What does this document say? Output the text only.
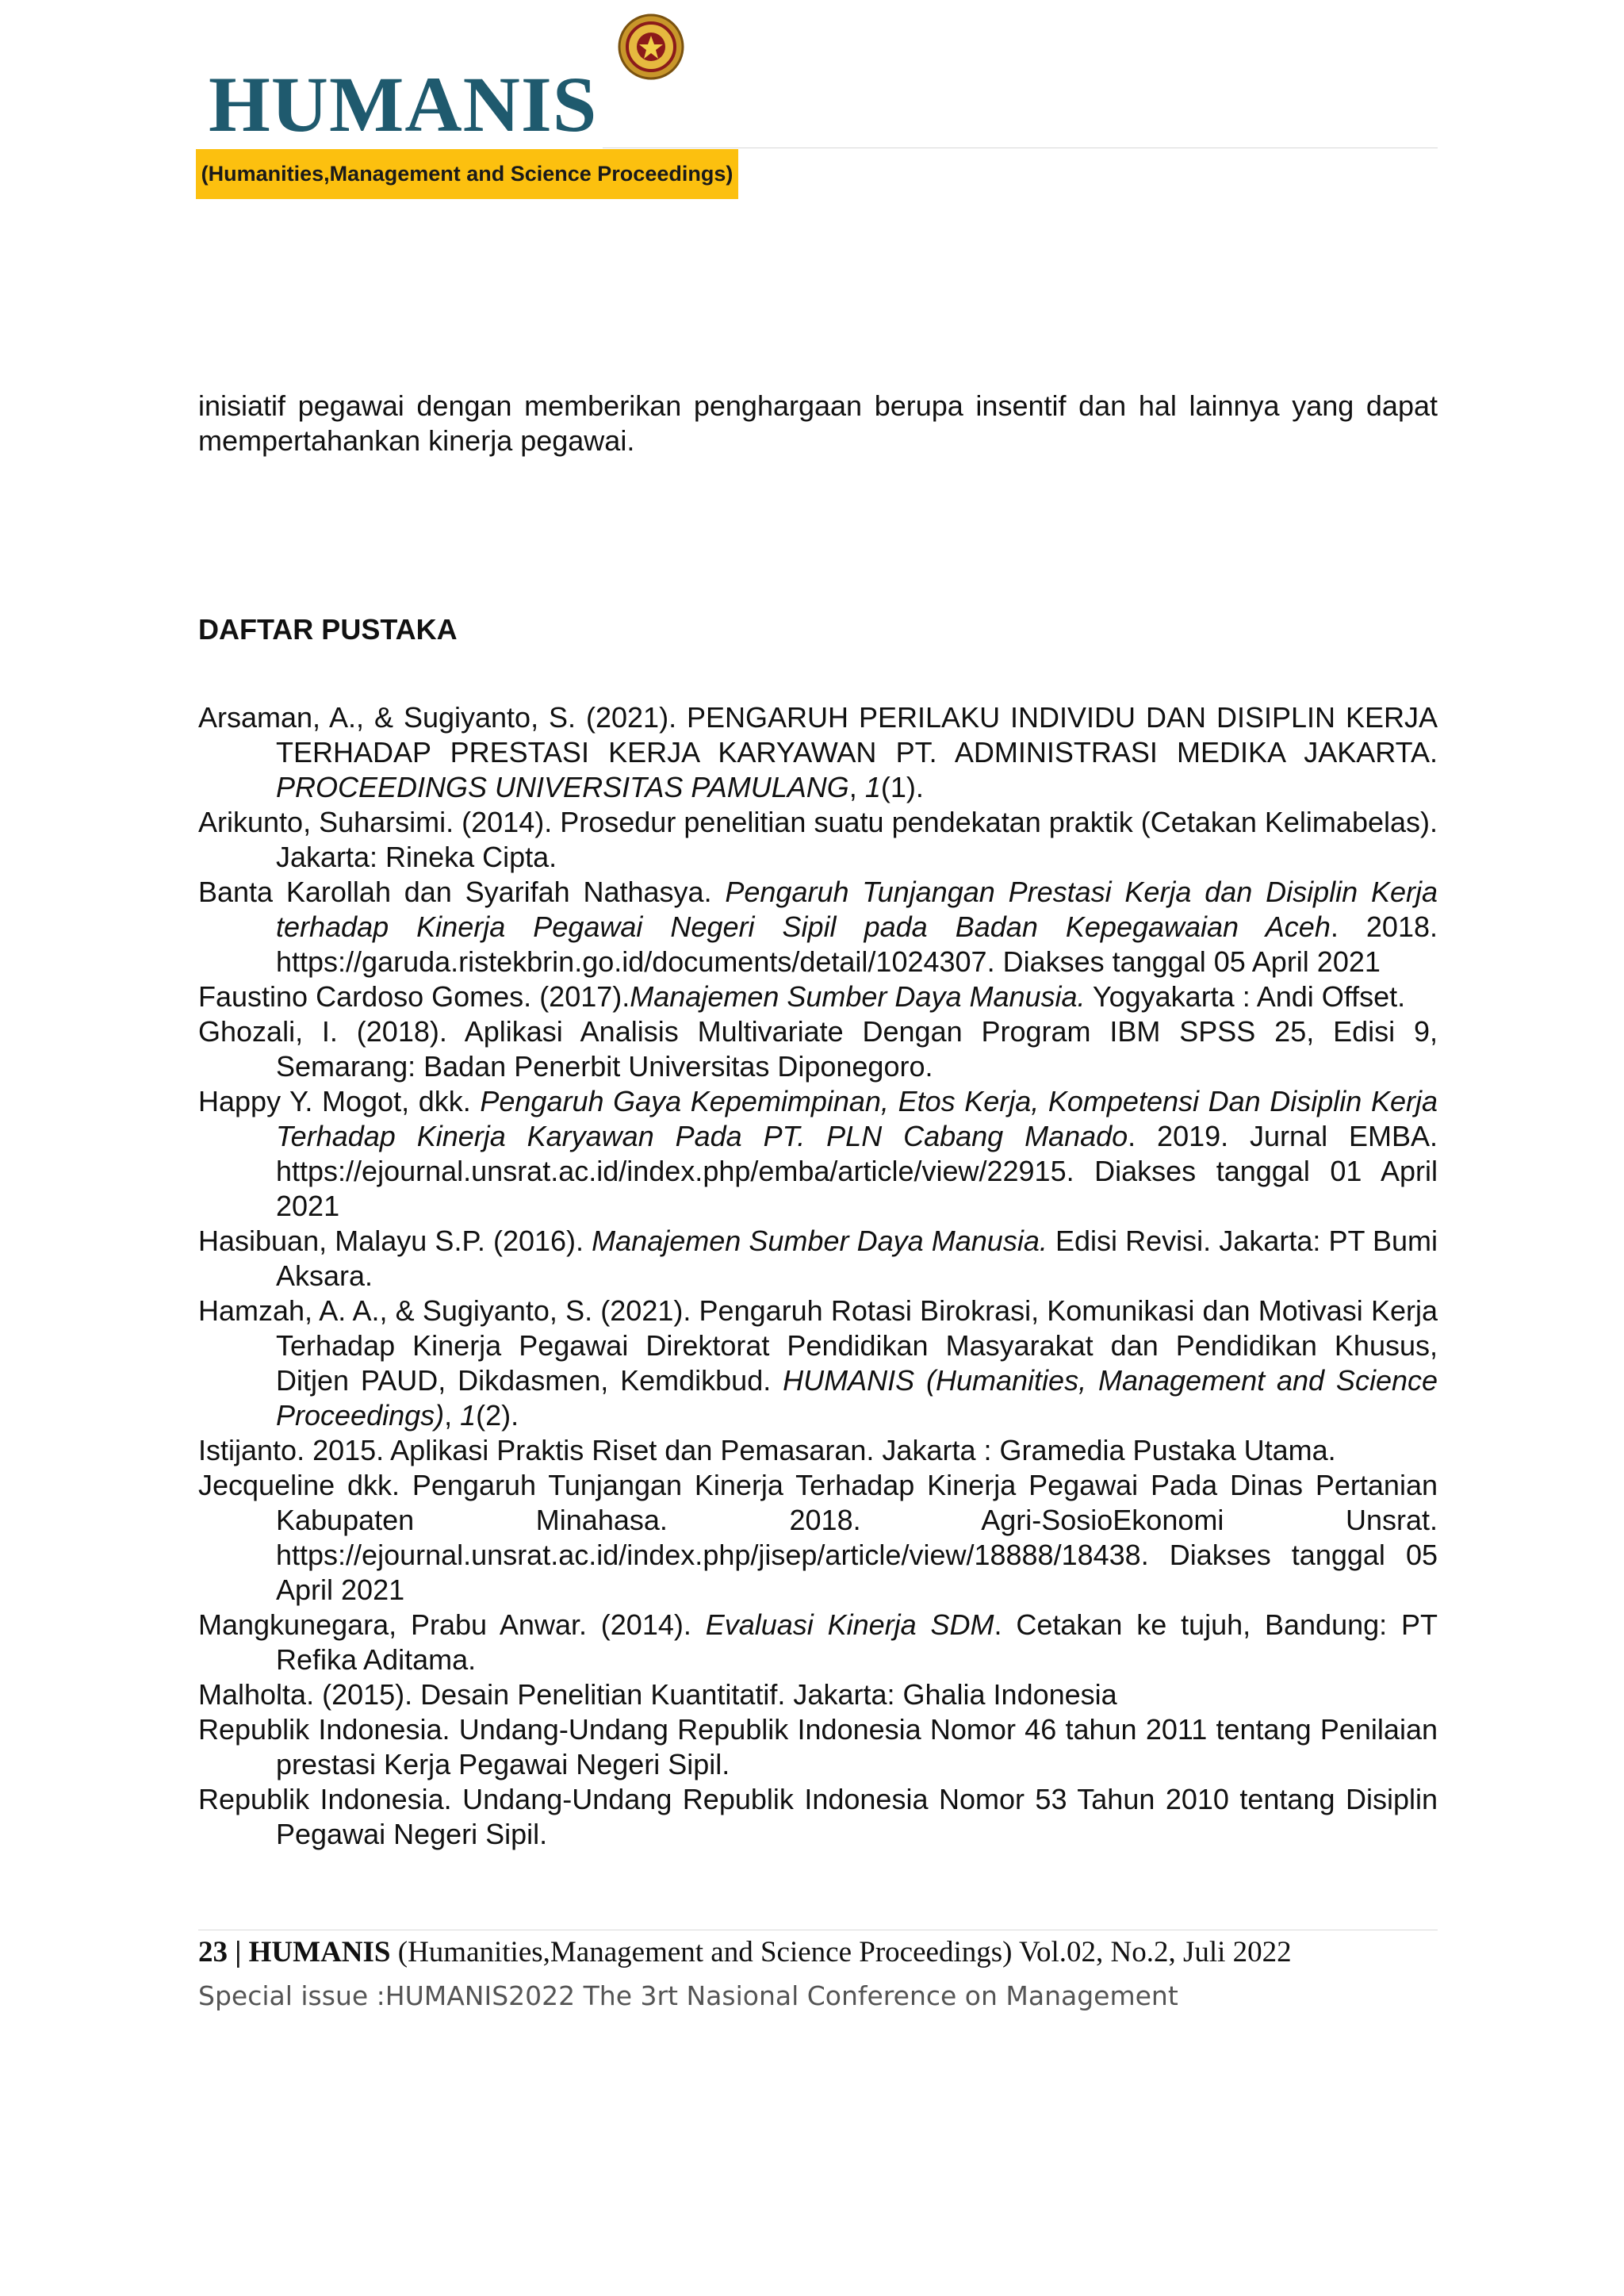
HUMANIS
(Humanities,Management and Science Proceedings)

inisiatif pegawai dengan memberikan penghargaan berupa insentif dan hal lainnya yang dapat mempertahankan kinerja pegawai.

DAFTAR PUSTAKA

Arsaman, A., & Sugiyanto, S. (2021). PENGARUH PERILAKU INDIVIDU DAN DISIPLIN KERJA TERHADAP PRESTASI KERJA KARYAWAN PT. ADMINISTRASI MEDIKA JAKARTA. PROCEEDINGS UNIVERSITAS PAMULANG, 1(1).

Arikunto, Suharsimi. (2014). Prosedur penelitian suatu pendekatan praktik (Cetakan Kelimabelas). Jakarta: Rineka Cipta.

Banta Karollah dan Syarifah Nathasya. Pengaruh Tunjangan Prestasi Kerja dan Disiplin Kerja terhadap Kinerja Pegawai Negeri Sipil pada Badan Kepegawaian Aceh. 2018. https://garuda.ristekbrin.go.id/documents/detail/1024307. Diakses tanggal 05 April 2021

Faustino Cardoso Gomes. (2017).Manajemen Sumber Daya Manusia. Yogyakarta : Andi Offset.

Ghozali, I. (2018). Aplikasi Analisis Multivariate Dengan Program IBM SPSS 25, Edisi 9, Semarang: Badan Penerbit Universitas Diponegoro.

Happy Y. Mogot, dkk. Pengaruh Gaya Kepemimpinan, Etos Kerja, Kompetensi Dan Disiplin Kerja Terhadap Kinerja Karyawan Pada PT. PLN Cabang Manado. 2019. Jurnal EMBA. https://ejournal.unsrat.ac.id/index.php/emba/article/view/22915. Diakses tanggal 01 April 2021

Hasibuan, Malayu S.P. (2016). Manajemen Sumber Daya Manusia. Edisi Revisi. Jakarta: PT Bumi Aksara.

Hamzah, A. A., & Sugiyanto, S. (2021). Pengaruh Rotasi Birokrasi, Komunikasi dan Motivasi Kerja Terhadap Kinerja Pegawai Direktorat Pendidikan Masyarakat dan Pendidikan Khusus, Ditjen PAUD, Dikdasmen, Kemdikbud. HUMANIS (Humanities, Management and Science Proceedings), 1(2).

Istijanto. 2015. Aplikasi Praktis Riset dan Pemasaran. Jakarta : Gramedia Pustaka Utama.

Jecqueline dkk. Pengaruh Tunjangan Kinerja Terhadap Kinerja Pegawai Pada Dinas Pertanian Kabupaten Minahasa. 2018. Agri-SosioEkonomi Unsrat. https://ejournal.unsrat.ac.id/index.php/jisep/article/view/18888/18438. Diakses tanggal 05 April 2021

Mangkunegara, Prabu Anwar. (2014). Evaluasi Kinerja SDM. Cetakan ke tujuh, Bandung: PT Refika Aditama.

Malholta. (2015). Desain Penelitian Kuantitatif. Jakarta: Ghalia Indonesia

Republik Indonesia. Undang-Undang Republik Indonesia Nomor 46 tahun 2011 tentang Penilaian prestasi Kerja Pegawai Negeri Sipil.

Republik Indonesia. Undang-Undang Republik Indonesia Nomor 53 Tahun 2010 tentang Disiplin Pegawai Negeri Sipil.

23 | HUMANIS (Humanities,Management and Science Proceedings) Vol.02, No.2, Juli 2022
Special issue :HUMANIS2022 The 3rt Nasional Conference on Management
